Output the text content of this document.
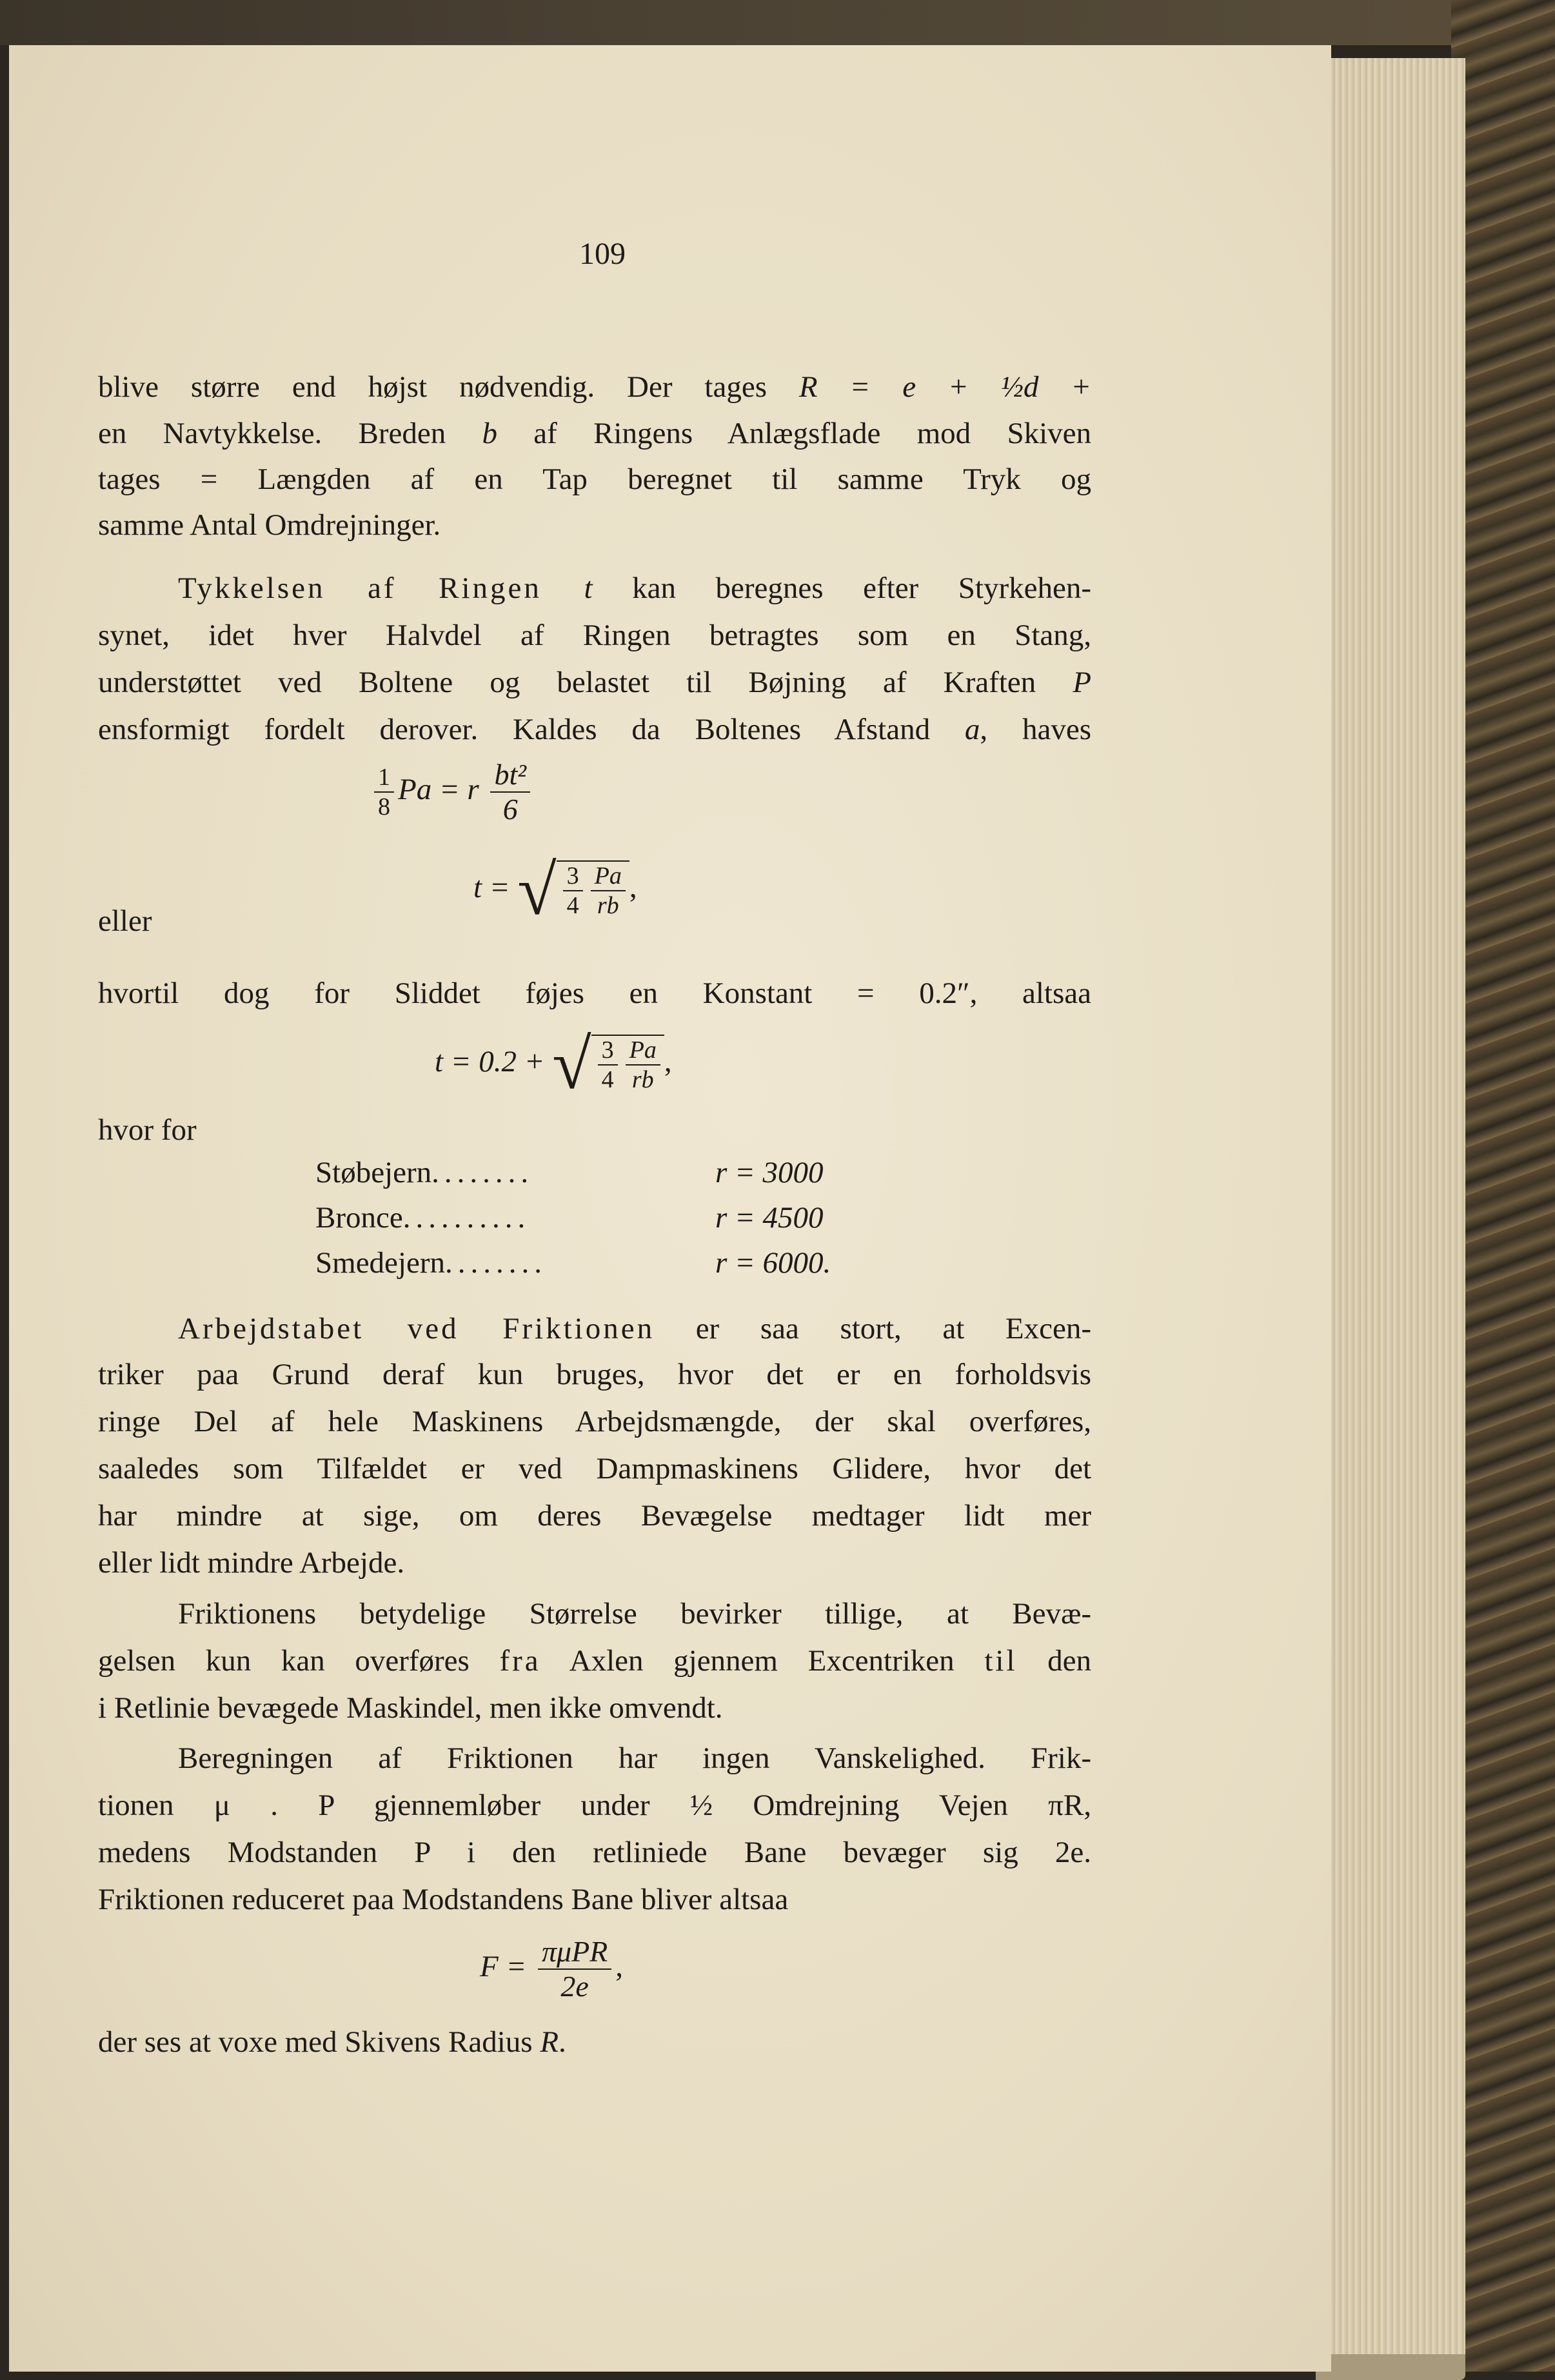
109
blive større end højst nødvendig. Der tages R = e + ½d +
en Navtykkelse. Breden b af Ringens Anlægsflade mod Skiven
tages = Længden af en Tap beregnet til samme Tryk og
samme Antal Omdrejninger.
Tykkelsen af Ringen t kan beregnes efter Styrkehen-
synet, idet hver Halvdel af Ringen betragtes som en Stang,
understøttet ved Boltene og belastet til Bøjning af Kraften P
ensformigt fordelt derover. Kaldes da Boltenes Afstand a, haves
$\frac{1}{8}$ Pa = r $\frac{\text{bt²}}{6}$
eller
t = √ $\frac{3}{4} \frac{Pa}{rb}$ ,
hvortil dog for Sliddet føjes en Konstant = 0.2″, altsaa
t = 0.2 + √ $\frac{3}{4} \frac{Pa}{rb}$ ,
hvor for
Støbejern........	r = 3000
Bronce..........	r = 4500
Smedejern........	r = 6000.
Arbejdstabet ved Friktionen er saa stort, at Excen-
triker paa Grund deraf kun bruges, hvor det er en forholdsvis
ringe Del af hele Maskinens Arbejdsmængde, der skal overføres,
saaledes som Tilfældet er ved Dampmaskinens Glidere, hvor det
har mindre at sige, om deres Bevægelse medtager lidt mer
eller lidt mindre Arbejde.
Friktionens betydelige Størrelse bevirker tillige, at Bevæ-
gelsen kun kan overføres fra Axlen gjennem Excentriken til den
i Retlinie bevægede Maskindel, men ikke omvendt.
Beregningen af Friktionen har ingen Vanskelighed. Frik-
tionen μ . P gjennemløber under ½ Omdrejning Vejen πR,
medens Modstanden P i den retliniede Bane bevæger sig 2e.
Friktionen reduceret paa Modstandens Bane bliver altsaa
$F = \frac{\text{πμPR}}{2e}$ ,
der ses at voxe med Skivens Radius R.
